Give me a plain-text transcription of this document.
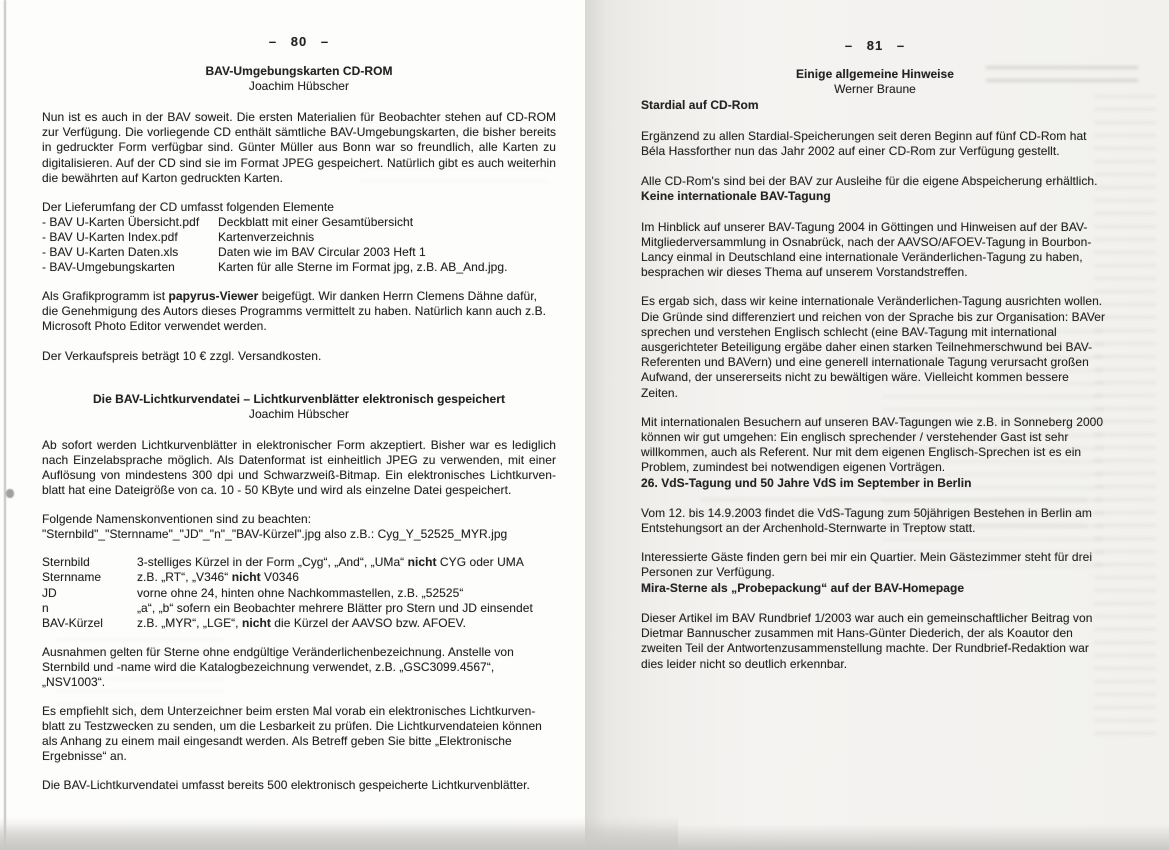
– 80 –
BAV-Umgebungskarten CD-ROM
Joachim Hübscher

Nun ist es auch in der BAV soweit. Die ersten Materialien für Beobachter stehen auf CD-ROM zur Verfügung. Die vorliegende CD enthält sämtliche BAV-Umgebungskarten, die bisher bereits in gedruckter Form verfügbar sind. Günter Müller aus Bonn war so freundlich, alle Karten zu digitalisieren. Auf der CD sind sie im Format JPEG gespeichert. Natürlich gibt es auch weiterhin die bewährten auf Karton gedruckten Karten.

Der Lieferumfang der CD umfasst folgenden Elemente

- BAV U-Karten Übersicht.pdf	Deckblatt mit einer Gesamtübersicht
- BAV U-Karten Index.pdf	Kartenverzeichnis
- BAV U-Karten Daten.xls	Daten wie im BAV Circular 2003 Heft 1
- BAV-Umgebungskarten	Karten für alle Sterne im Format jpg, z.B. AB_And.jpg.

Als Grafikprogramm ist papyrus-Viewer beigefügt. Wir danken Herrn Clemens Dähne dafür, die Genehmigung des Autors dieses Programms vermittelt zu haben. Natürlich kann auch z.B. Microsoft Photo Editor verwendet werden.

Der Verkaufspreis beträgt 10 € zzgl. Versandkosten.

Die BAV-Lichtkurvendatei – Lichtkurvenblätter elektronisch gespeichert
Joachim Hübscher

Ab sofort werden Lichtkurvenblätter in elektronischer Form akzeptiert. Bisher war es lediglich nach Einzelabsprache möglich. Als Datenformat ist einheitlich JPEG zu verwenden, mit einer Auflösung von mindestens 300 dpi und Schwarzweiß-Bitmap. Ein elektronisches Lichtkurven-blatt hat eine Dateigröße von ca. 10 - 50 KByte und wird als einzelne Datei gespeichert.

Folgende Namenskonventionen sind zu beachten:

"Sternbild"_"Sternname"_"JD"_"n"_"BAV-Kürzel".jpg also z.B.: Cyg_Y_52525_MYR.jpg

Sternbild	3-stelliges Kürzel in der Form „Cyg“, „And“, „UMa“ nicht CYG oder UMA
Sternname	z.B. „RT“, „V346“ nicht V0346
JD	vorne ohne 24, hinten ohne Nachkommastellen, z.B. „52525“
n	„a“, „b“ sofern ein Beobachter mehrere Blätter pro Stern und JD einsendet
BAV-Kürzel	z.B. „MYR“, „LGE“, nicht die Kürzel der AAVSO bzw. AFOEV.

Ausnahmen gelten für Sterne ohne endgültige Veränderlichenbezeichnung. Anstelle von Sternbild und -name wird die Katalogbezeichnung verwendet, z.B. „GSC3099.4567“, „NSV1003“.

Es empfiehlt sich, dem Unterzeichner beim ersten Mal vorab ein elektronisches Lichtkurven-blatt zu Testzwecken zu senden, um die Lesbarkeit zu prüfen. Die Lichtkurvendateien können als Anhang zu einem mail eingesandt werden. Als Betreff geben Sie bitte „Elektronische Ergebnisse“ an.

Die BAV-Lichtkurvendatei umfasst bereits 500 elektronisch gespeicherte Lichtkurvenblätter.

– 81 –
Einige allgemeine Hinweise
Werner Braune

Stardial auf CD-Rom

Ergänzend zu allen Stardial-Speicherungen seit deren Beginn auf fünf CD-Rom hat Béla Hassforther nun das Jahr 2002 auf einer CD-Rom zur Verfügung gestellt.

Alle CD-Rom's sind bei der BAV zur Ausleihe für die eigene Abspeicherung erhältlich.

Keine internationale BAV-Tagung

Im Hinblick auf unserer BAV-Tagung 2004 in Göttingen und Hinweisen auf der BAV-Mitgliederversammlung in Osnabrück, nach der AAVSO/AFOEV-Tagung in Bourbon-Lancy einmal in Deutschland eine internationale Veränderlichen-Tagung zu haben, besprachen wir dieses Thema auf unserem Vorstandstreffen.

Es ergab sich, dass wir keine internationale Veränderlichen-Tagung ausrichten wollen. Die Gründe sind differenziert und reichen von der Sprache bis zur Organisation: BAVer sprechen und verstehen Englisch schlecht (eine BAV-Tagung mit international ausgerichteter Beteiligung ergäbe daher einen starken Teilnehmerschwund bei BAV-Referenten und BAVern) und eine generell internationale Tagung verursacht großen Aufwand, der unsererseits nicht zu bewältigen wäre. Vielleicht kommen bessere Zeiten.

Mit internationalen Besuchern auf unseren BAV-Tagungen wie z.B. in Sonneberg 2000 können wir gut umgehen: Ein englisch sprechender / verstehender Gast ist sehr willkommen, auch als Referent. Nur mit dem eigenen Englisch-Sprechen ist es ein Problem, zumindest bei notwendigen eigenen Vorträgen.

26. VdS-Tagung und 50 Jahre VdS im September in Berlin

Vom 12. bis 14.9.2003 findet die VdS-Tagung zum 50jährigen Bestehen in Berlin am Entstehungsort an der Archenhold-Sternwarte in Treptow statt.

Interessierte Gäste finden gern bei mir ein Quartier. Mein Gästezimmer steht für drei Personen zur Verfügung.

Mira-Sterne als „Probepackung“ auf der BAV-Homepage

Dieser Artikel im BAV Rundbrief 1/2003 war auch ein gemeinschaftlicher Beitrag von Dietmar Bannuscher zusammen mit Hans-Günter Diederich, der als Koautor den zweiten Teil der Antwortenzusammenstellung machte. Der Rundbrief-Redaktion war dies leider nicht so deutlich erkennbar.
